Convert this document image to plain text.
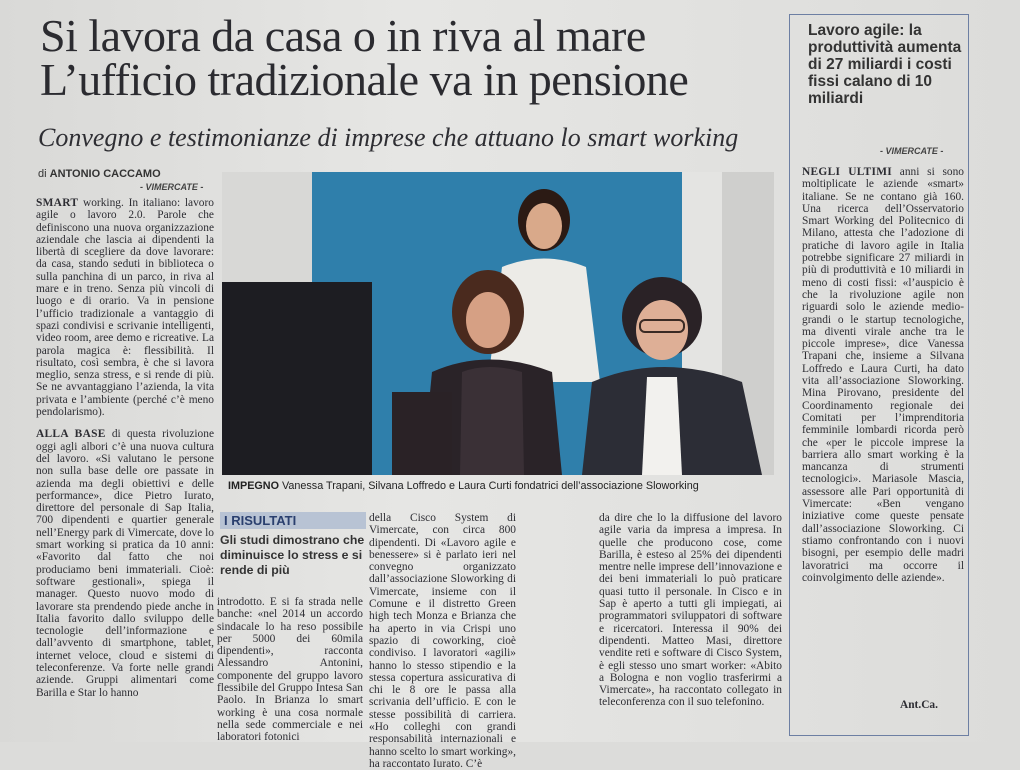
Si lavora da casa o in riva al mare
L’ufficio tradizionale va in pensione
Convegno e testimonianze di imprese che attuano lo smart working
di ANTONIO CACCAMO
- VIMERCATE -

SMART working. In italiano: lavoro agile o lavoro 2.0. Parole che definiscono una nuova organizzazione aziendale che lascia ai dipendenti la libertà di scegliere da dove lavorare: da casa, stando seduti in biblioteca o sulla panchina di un parco, in riva al mare e in treno. Senza più vincoli di luogo e di orario. Va in pensione l’ufficio tradizionale a vantaggio di spazi condivisi e scrivanie intelligenti, video room, aree demo e ricreative. La parola magica è: flessibilità. Il risultato, così sembra, è che si lavora meglio, senza stress, e si rende di più. Se ne avvantaggiano l’azienda, la vita privata e l’ambiente (perché c’è meno pendolarismo).

ALLA BASE di questa rivoluzione oggi agli albori c’è una nuova cultura del lavoro. «Si valutano le persone non sulla base delle ore passate in azienda ma degli obiettivi e delle performance», dice Pietro Iurato, direttore del personale di Sap Italia, 700 dipendenti e quartier generale nell’Energy park di Vimercate, dove lo smart working si pratica da 10 anni: «Favorito dal fatto che noi produciamo beni immateriali. Cioè: software gestionali», spiega il manager. Questo nuovo modo di lavorare sta prendendo piede anche in Italia favorito dallo sviluppo delle tecnologie dell’informazione e dall’avvento di smartphone, tablet, internet veloce, cloud e sistemi di teleconferenze. Va forte nelle grandi aziende. Gruppi alimentari come Barilla e Star lo hanno

IMPEGNO Vanessa Trapani, Silvana Loffredo e Laura Curti fondatrici dell’associazione Sloworking
I RISULTATI
Gli studi dimostrano che diminuisce lo stress e si rende di più

introdotto. E si fa strada nelle banche: «nel 2014 un accordo sindacale lo ha reso possibile per 5000 dei 60mila dipendenti», racconta Alessandro Antonini, componente del gruppo lavoro flessibile del Gruppo Intesa San Paolo. In Brianza lo smart working è una cosa normale nella sede commerciale e nei laboratori fotonici

della Cisco System di Vimercate, con circa 800 dipendenti. Di «Lavoro agile e benessere» si è parlato ieri nel convegno organizzato dall’associazione Sloworking di Vimercate, insieme con il Comune e il distretto Green high tech Monza e Brianza che ha aperto in via Crispi uno spazio di coworking, cioè condiviso. I lavoratori «agili» hanno lo stesso stipendio e la stessa copertura assicurativa di chi le 8 ore le passa alla scrivania dell’ufficio. E con le stesse possibilità di carriera. «Ho colleghi con grandi responsabilità internazionali e hanno scelto lo smart working», ha raccontato Iurato. C’è

da dire che lo la diffusione del lavoro agile varia da impresa a impresa. In quelle che producono cose, come Barilla, è esteso al 25% dei dipendenti mentre nelle imprese dell’innovazione e dei beni immateriali lo può praticare quasi tutto il personale. In Cisco e in Sap è aperto a tutti gli impiegati, ai programmatori sviluppatori di software e ricercatori. Interessa il 90% dei dipendenti. Matteo Masi, direttore vendite reti e software di Cisco System, è egli stesso uno smart worker: «Abito a Bologna e non voglio trasferirmi a Vimercate», ha raccontato collegato in teleconferenza con il suo telefonino.

Lavoro agile: la produttività aumenta di 27 miliardi i costi fissi calano di 10 miliardi
- VIMERCATE -

NEGLI ULTIMI anni si sono moltiplicate le aziende «smart» italiane. Se ne contano già 160. Una ricerca dell’Osservatorio Smart Working del Politecnico di Milano, attesta che l’adozione di pratiche di lavoro agile in Italia potrebbe significare 27 miliardi in più di produttività e 10 miliardi in meno di costi fissi: «l’auspicio è che la rivoluzione agile non riguardi solo le aziende medio-grandi o le startup tecnologiche, ma diventi virale anche tra le piccole imprese», dice Vanessa Trapani che, insieme a Silvana Loffredo e Laura Curti, ha dato vita all’associazione Sloworking. Mina Pirovano, presidente del Coordinamento regionale dei Comitati per l’imprenditoria femminile lombardi ricorda però che «per le piccole imprese la barriera allo smart working è la mancanza di strumenti tecnologici». Mariasole Mascia, assessore alle Pari opportunità di Vimercate: «Ben vengano iniziative come queste pensate dall’associazione Sloworking. Ci stiamo confrontando con i nuovi bisogni, per esempio delle madri lavoratrici ma occorre il coinvolgimento delle aziende».

Ant.Ca.
